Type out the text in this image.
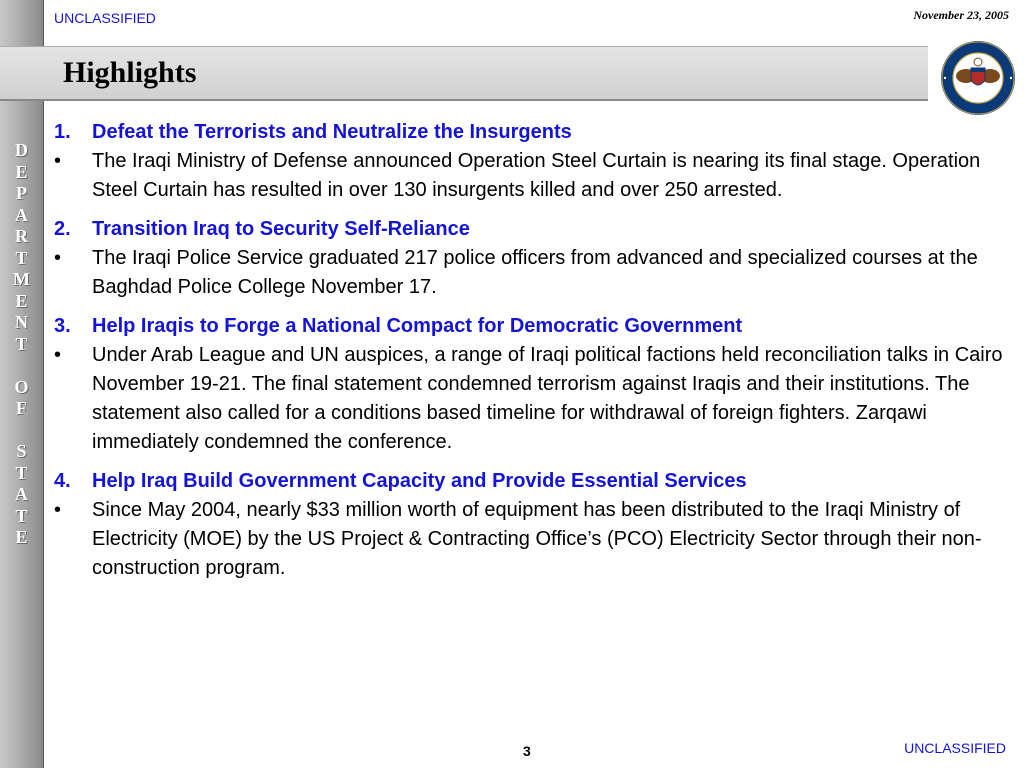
D
E
P
A
R
T
M
E
N
T
O
F
S
T
A
T
E
UNCLASSIFIED	November 23, 2005
Highlights
1.	Defeat the Terrorists and Neutralize the Insurgents
•	The Iraqi Ministry of Defense announced Operation Steel Curtain is nearing its final stage. Operation Steel Curtain has resulted in over 130 insurgents killed and over 250 arrested.
2.	Transition Iraq to Security Self-Reliance
•	The Iraqi Police Service graduated 217 police officers from advanced and specialized courses at the Baghdad Police College November 17.
3.	Help Iraqis to Forge a National Compact for Democratic Government
•	Under Arab League and UN auspices, a range of Iraqi political factions held reconciliation talks in Cairo November 19-21. The final statement condemned terrorism against Iraqis and their institutions. The statement also called for a conditions based timeline for withdrawal of foreign fighters. Zarqawi immediately condemned the conference.
4.	Help Iraq Build Government Capacity and Provide Essential Services
•	Since May 2004, nearly $33 million worth of equipment has been distributed to the Iraqi Ministry of Electricity (MOE) by the US Project & Contracting Office’s (PCO) Electricity Sector through their non-construction program.
3	UNCLASSIFIED
